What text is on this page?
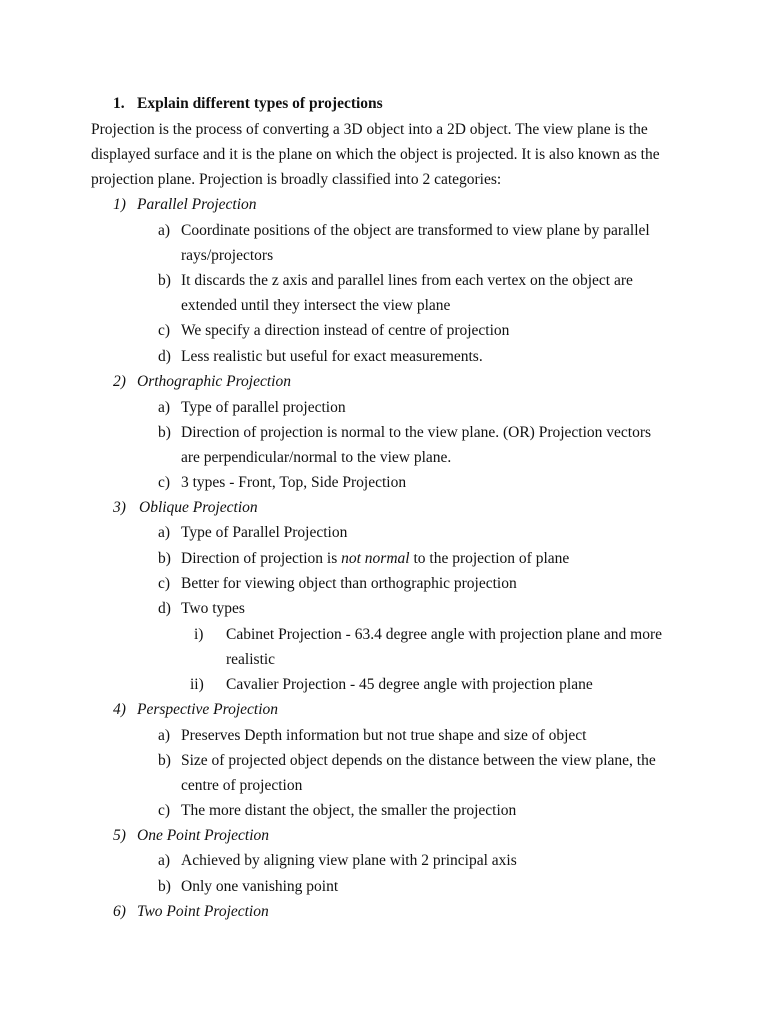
1. Explain different types of projections
Projection is the process of converting a 3D object into a 2D object. The view plane is the
displayed surface and it is the plane on which the object is projected. It is also known as the
projection plane. Projection is broadly classified into 2 categories:
1) Parallel Projection
a) Coordinate positions of the object are transformed to view plane by parallel
rays/projectors
b) It discards the z axis and parallel lines from each vertex on the object are
extended until they intersect the view plane
c) We specify a direction instead of centre of projection
d) Less realistic but useful for exact measurements.
2) Orthographic Projection
a) Type of parallel projection
b) Direction of projection is normal to the view plane. (OR) Projection vectors
are perpendicular/normal to the view plane.
c) 3 types - Front, Top, Side Projection
3) Oblique Projection
a) Type of Parallel Projection
b) Direction of projection is not normal to the projection of plane
c) Better for viewing object than orthographic projection
d) Two types
i) Cabinet Projection - 63.4 degree angle with projection plane and more
realistic
ii) Cavalier Projection - 45 degree angle with projection plane
4) Perspective Projection
a) Preserves Depth information but not true shape and size of object
b) Size of projected object depends on the distance between the view plane, the
centre of projection
c) The more distant the object, the smaller the projection
5) One Point Projection
a) Achieved by aligning view plane with 2 principal axis
b) Only one vanishing point
6) Two Point Projection
